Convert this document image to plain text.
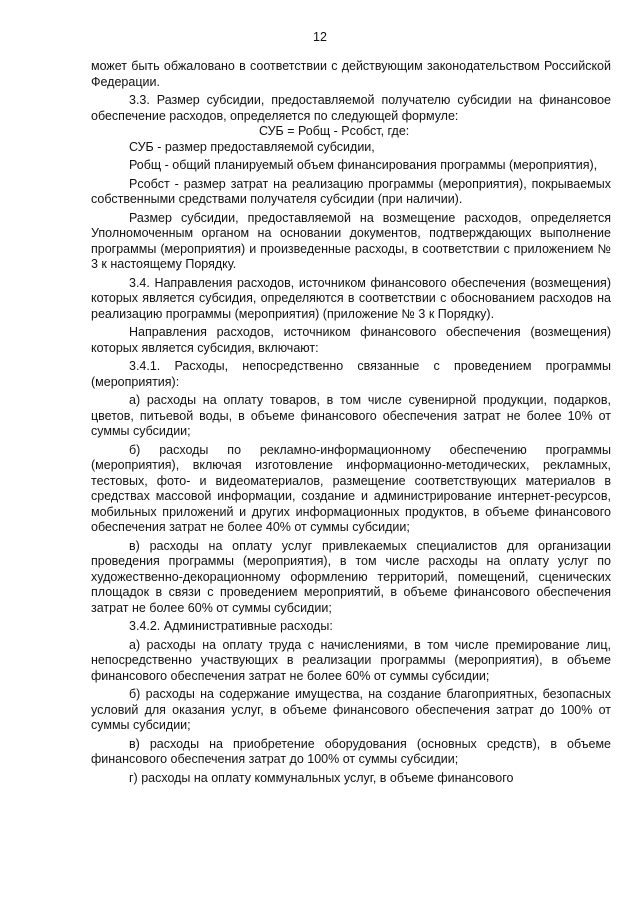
12

может быть обжаловано в соответствии с действующим законодательством Российской Федерации.

3.3. Размер субсидии, предоставляемой получателю субсидии на финансовое обеспечение расходов, определяется по следующей формуле:

СУБ = Робщ - Рсобст, где:

СУБ - размер предоставляемой субсидии,

Робщ - общий планируемый объем финансирования программы (мероприятия),

Рсобст - размер затрат на реализацию программы (мероприятия), покрываемых собственными средствами получателя субсидии (при наличии).

Размер субсидии, предоставляемой на возмещение расходов, определяется Уполномоченным органом на основании документов, подтверждающих выполнение программы (мероприятия) и произведенные расходы, в соответствии с приложением № 3 к настоящему Порядку.

3.4. Направления расходов, источником финансового обеспечения (возмещения) которых является субсидия, определяются в соответствии с обоснованием расходов на реализацию программы (мероприятия) (приложение № 3 к Порядку).

Направления расходов, источником финансового обеспечения (возмещения) которых является субсидия, включают:

3.4.1. Расходы, непосредственно связанные с проведением программы (мероприятия):

а) расходы на оплату товаров, в том числе сувенирной продукции, подарков, цветов, питьевой воды, в объеме финансового обеспечения затрат не более 10% от суммы субсидии;

б) расходы по рекламно-информационному обеспечению программы (мероприятия), включая изготовление информационно-методических, рекламных, тестовых, фото- и видеоматериалов, размещение соответствующих материалов в средствах массовой информации, создание и администрирование интернет-ресурсов, мобильных приложений и других информационных продуктов, в объеме финансового обеспечения затрат не более 40% от суммы субсидии;

в) расходы на оплату услуг привлекаемых специалистов для организации проведения программы (мероприятия), в том числе расходы на оплату услуг по художественно-декорационному оформлению территорий, помещений, сценических площадок в связи с проведением мероприятий, в объеме финансового обеспечения затрат не более 60% от суммы субсидии;

3.4.2. Административные расходы:

а) расходы на оплату труда с начислениями, в том числе премирование лиц, непосредственно участвующих в реализации программы (мероприятия), в объеме финансового обеспечения затрат не более 60% от суммы субсидии;

б) расходы на содержание имущества, на создание благоприятных, безопасных условий для оказания услуг, в объеме финансового обеспечения затрат до 100% от суммы субсидии;

в) расходы на приобретение оборудования (основных средств), в объеме финансового обеспечения затрат до 100% от суммы субсидии;

г) расходы на оплату коммунальных услуг, в объеме финансового
